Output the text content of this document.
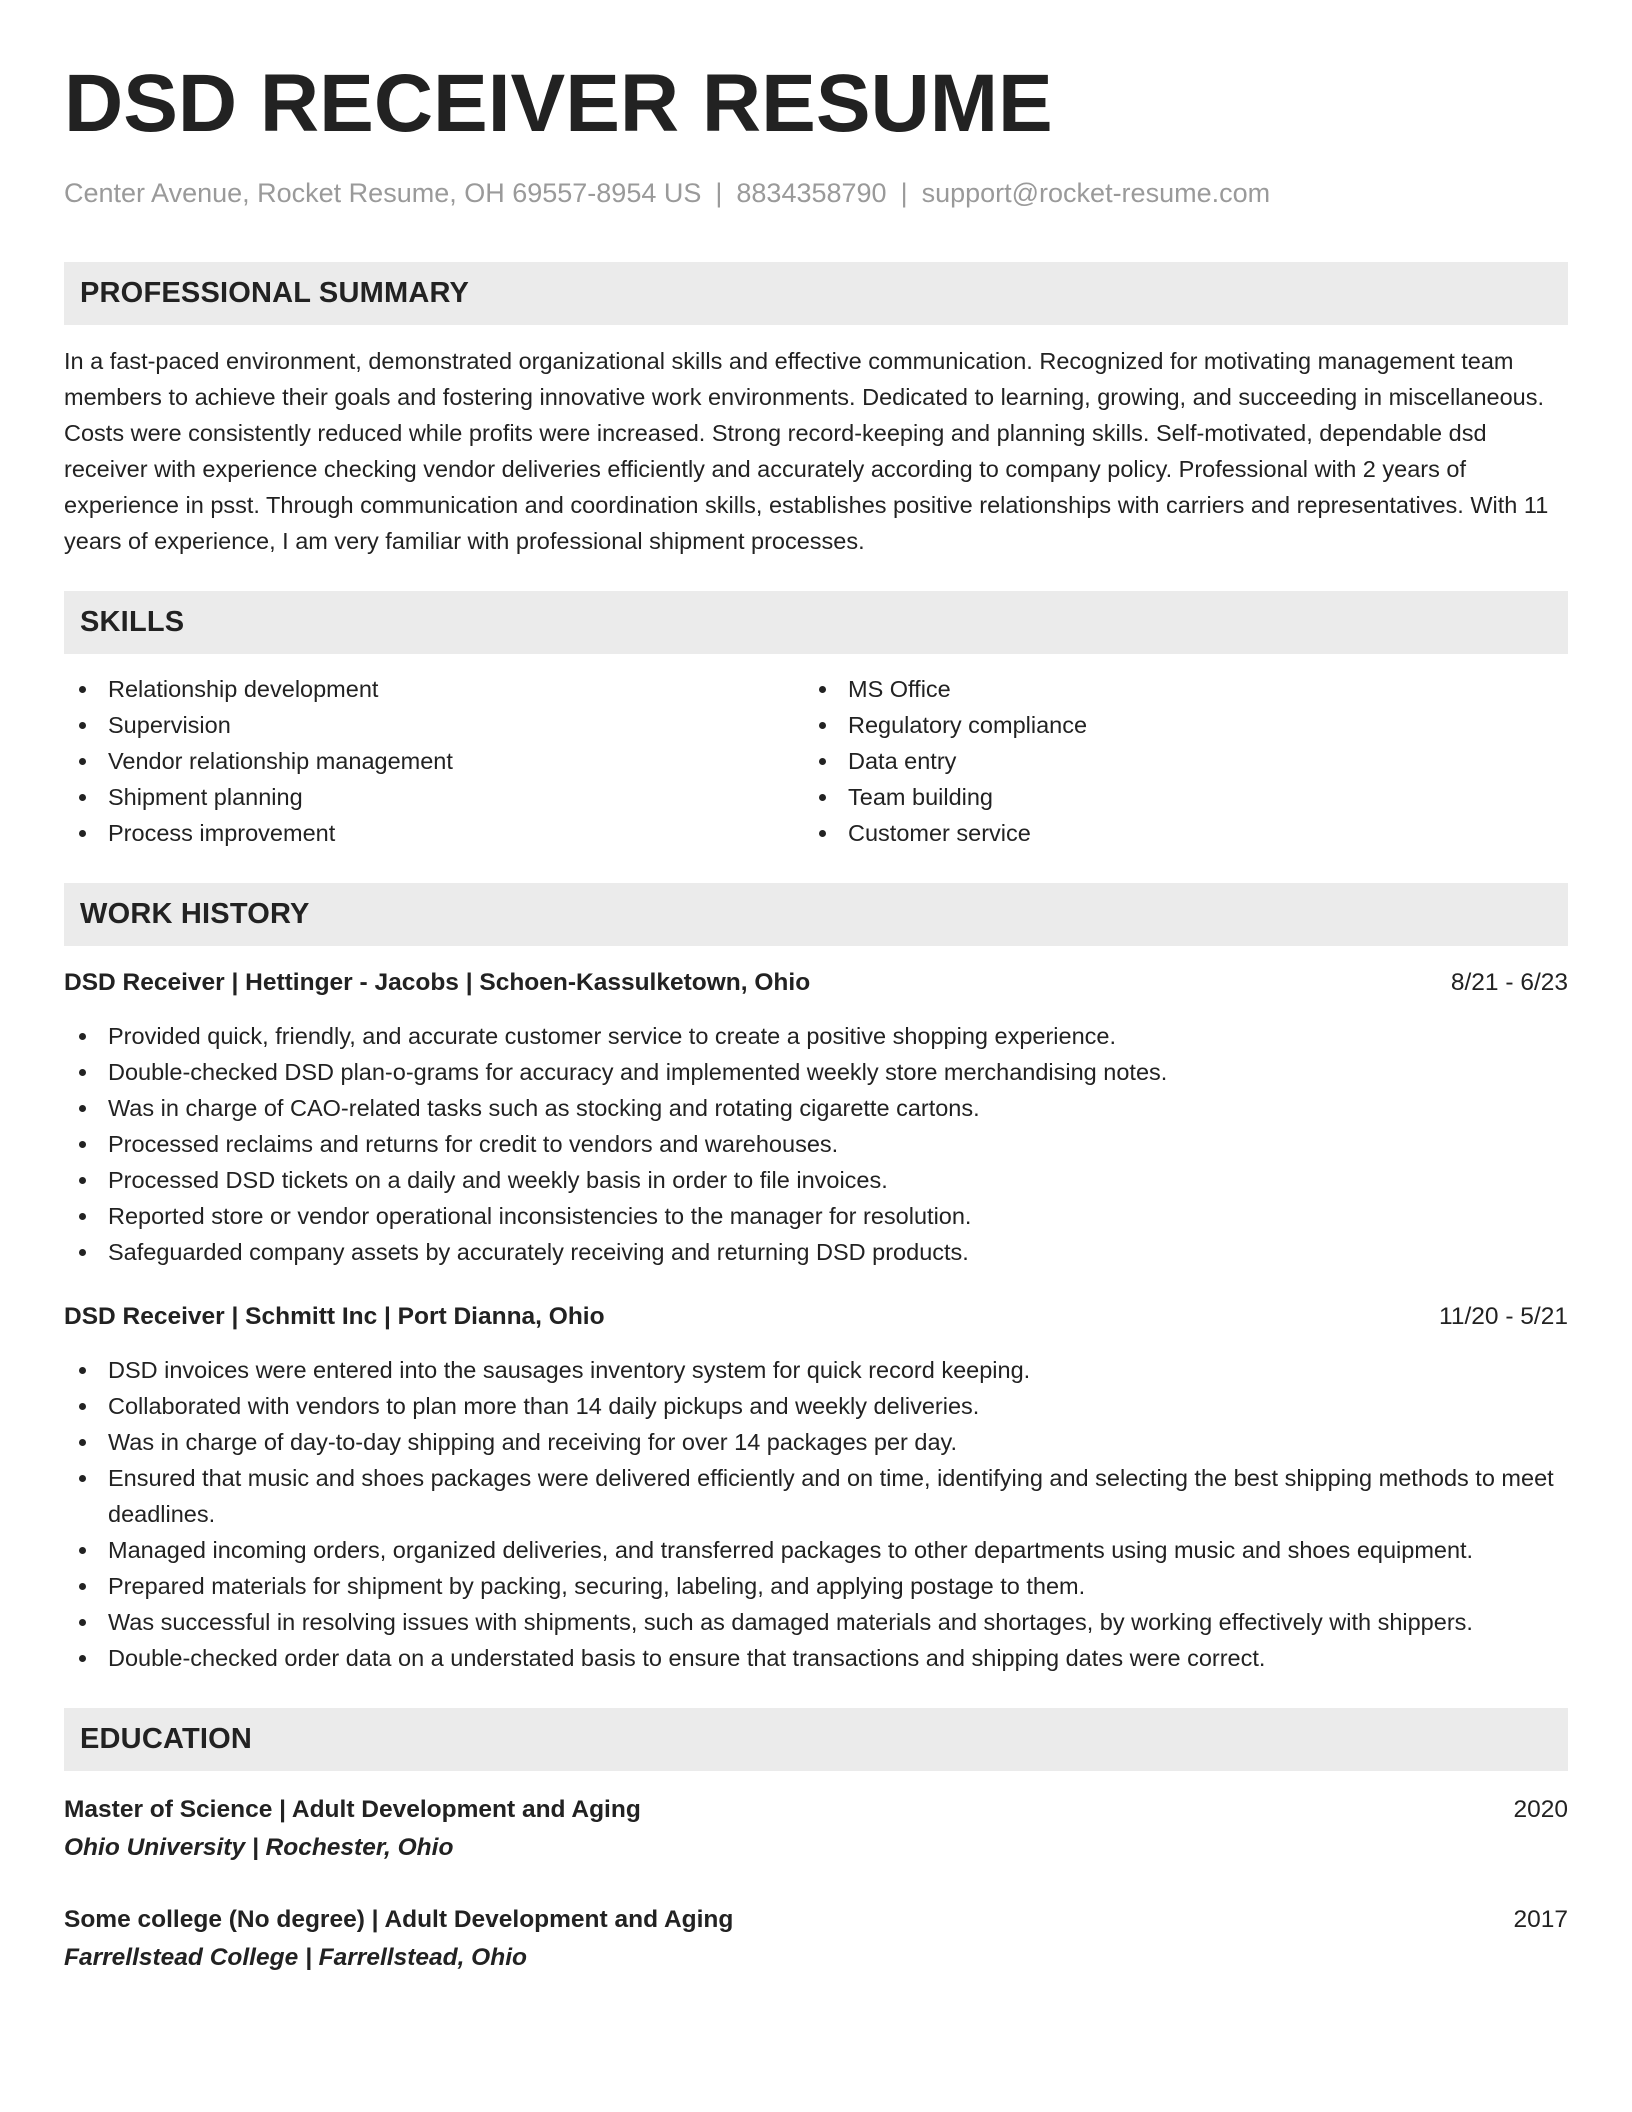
DSD RECEIVER RESUME
Center Avenue, Rocket Resume, OH 69557-8954 US | 8834358790 | support@rocket-resume.com
PROFESSIONAL SUMMARY

In a fast-paced environment, demonstrated organizational skills and effective communication. Recognized for motivating management team members to achieve their goals and fostering innovative work environments. Dedicated to learning, growing, and succeeding in miscellaneous. Costs were consistently reduced while profits were increased. Strong record-keeping and planning skills. Self-motivated, dependable dsd receiver with experience checking vendor deliveries efficiently and accurately according to company policy. Professional with 2 years of experience in psst. Through communication and coordination skills, establishes positive relationships with carriers and representatives. With 11 years of experience, I am very familiar with professional shipment processes.

SKILLS
Relationship development
Supervision
Vendor relationship management
Shipment planning
Process improvement
MS Office
Regulatory compliance
Data entry
Team building
Customer service
WORK HISTORY
DSD Receiver | Hettinger - Jacobs | Schoen-Kassulketown, Ohio	8/21 - 6/23
Provided quick, friendly, and accurate customer service to create a positive shopping experience.
Double-checked DSD plan-o-grams for accuracy and implemented weekly store merchandising notes.
Was in charge of CAO-related tasks such as stocking and rotating cigarette cartons.
Processed reclaims and returns for credit to vendors and warehouses.
Processed DSD tickets on a daily and weekly basis in order to file invoices.
Reported store or vendor operational inconsistencies to the manager for resolution.
Safeguarded company assets by accurately receiving and returning DSD products.
DSD Receiver | Schmitt Inc | Port Dianna, Ohio	11/20 - 5/21
DSD invoices were entered into the sausages inventory system for quick record keeping.
Collaborated with vendors to plan more than 14 daily pickups and weekly deliveries.
Was in charge of day-to-day shipping and receiving for over 14 packages per day.
Ensured that music and shoes packages were delivered efficiently and on time, identifying and selecting the best shipping methods to meet deadlines.
Managed incoming orders, organized deliveries, and transferred packages to other departments using music and shoes equipment.
Prepared materials for shipment by packing, securing, labeling, and applying postage to them.
Was successful in resolving issues with shipments, such as damaged materials and shortages, by working effectively with shippers.
Double-checked order data on a understated basis to ensure that transactions and shipping dates were correct.
EDUCATION
Master of Science | Adult Development and Aging	2020
Ohio University | Rochester, Ohio
Some college (No degree) | Adult Development and Aging	2017
Farrellstead College | Farrellstead, Ohio
